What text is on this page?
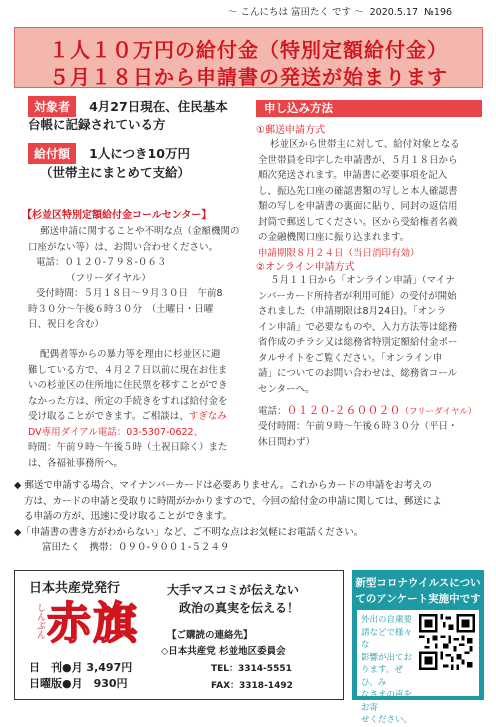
～ こんにちは 富田たく です ～ 2020.5.17 №196
１人１０万円の給付金（特別定額給付金）
５月１８日から申請書の発送が始まります
対象者 4月27日現在、住民基本
台帳に記録されている方
給付額 1人につき10万円
（世帯主にまとめて支給）
【杉並区特別定額給付金コールセンター】
郵送申請に関することや不明な点（金額機関の
口座がない等）は、お問い合わせください。
電話：０１２０-７９８-０６３
（フリーダイヤル）
受付時間：５月１８日～９月３０日　午前8
時３０分～午後６時３０分　（土曜日・日曜
日、祝日を含む）
配偶者等からの暴力等を理由に杉並区に避
難している方で、４月２７日以前に現在お住ま
いの杉並区の住所地に住民票を移すことができ
なかった方は、所定の手続きをすれば給付金を
受け取ることができます。ご相談は、すぎなみ
DV専用ダイアル電話：03-5307-0622、
時間：午前９時～午後５時（土祝日除く）また
は、各福祉事務所へ。
申し込み方法
①郵送申請方式
杉並区から世帯主に対して、給付対象となる
全世帯員を印字した申請書が、５月１８日から
順次発送されます。申請書に必要事項を記入
し、振込先口座の確認書類の写しと本人確認書
類の写しを申請書の裏面に貼り、同封の返信用
封筒で郵送してください。区から受給権者名義
の金融機関口座に振り込まれます。
申請期限８月２４日（当日消印有効）
②オンライン申請方式
５月１１日から「オンライン申請」（マイナ
ンバーカード所持者が利用可能）の受付が開始
されました（申請期限は8月24日)。「オンラ
イン申請」で必要なものや、入力方法等は総務
省作成のチラシ又は総務省特別定額給付金ポー
タルサイトをご覧ください。「オンライン申
請」についてのお問い合わせは、総務省コール
センターへ。
電話：０１２０-２６００２０（フリーダイヤル）
受付時間：午前９時～午後６時３０分（平日・
休日問わず）
◆ 郵送で申請する場合、マイナンバーカードは必要ありません。これからカードの申請をお考えの
方は、カードの申請と受取りに時間がかかりますので、今回の給付金の申請に関しては、郵送によ
る申請の方が、迅速に受け取ることができます。
◆「申請書の書き方がわからない」など、ご不明な点はお気軽にお電話ください。
富田たく　携帯：０９０-９００１-５２４９
日本共産党発行
しんぶん 赤旗
日　刊●月 3,497円
日曜版●月　930円
大手マスコミが伝えない
政治の真実を伝える！
【ご購読の連絡先】
◇日本共産党 杉並地区委員会
TEL：3314-5551
FAX：3318-1492
新型コロナウイルスについ
てのアンケート実施中です
外出の自粛要
請などで様々な
影響が出てお
ります。ぜひ、み
なさまの声をお寄
せください。
